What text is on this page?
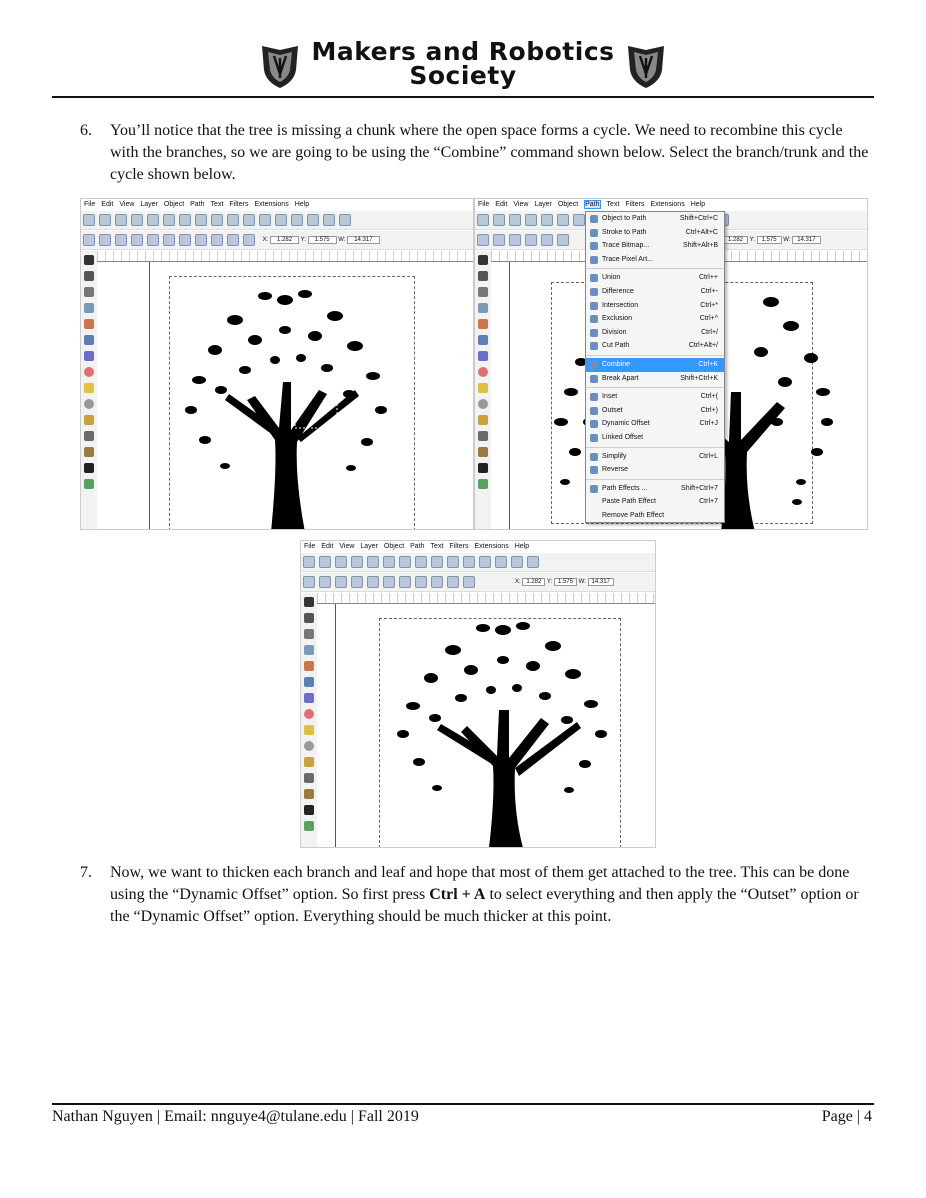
Makers and Robotics
Society
6. You’ll notice that the tree is missing a chunk where the open space forms a cycle. We need to recombine this cycle with the branches, so we are going to be using the “Combine” command shown below. Select the branch/trunk and the cycle shown below.
File Edit View Layer Object Path Text Filters Extensions Help
X: 1.282 Y: 1.575 W: 14.317
File Edit View Layer Object Path Text Filters Extensions Help
1.282 Y: 1.575 W: 14.317
Object to Path	Shift+Ctrl+C
Stroke to Path	Ctrl+Alt+C
Trace Bitmap...	Shift+Alt+B
Trace Pixel Art...
Union	Ctrl++
Difference	Ctrl+-
Intersection	Ctrl+*
Exclusion	Ctrl+^
Division	Ctrl+/
Cut Path	Ctrl+Alt+/
Combine	Ctrl+K
Break Apart	Shift+Ctrl+K
Inset	Ctrl+(
Outset	Ctrl+)
Dynamic Offset	Ctrl+J
Linked Offset
Simplify	Ctrl+L
Reverse
Path Effects ...	Shift+Ctrl+7
Paste Path Effect	Ctrl+7
Remove Path Effect
File Edit View Layer Object Path Text Filters Extensions Help
X: 1.282 Y: 1.575 W: 14.317
7. Now, we want to thicken each branch and leaf and hope that most of them get attached to the tree. This can be done using the “Dynamic Offset” option. So first press Ctrl + A to select everything and then apply the “Outset” option or the “Dynamic Offset” option. Everything should be much thicker at this point.
Nathan Nguyen | Email: nnguye4@tulane.edu | Fall 2019	Page | 4
